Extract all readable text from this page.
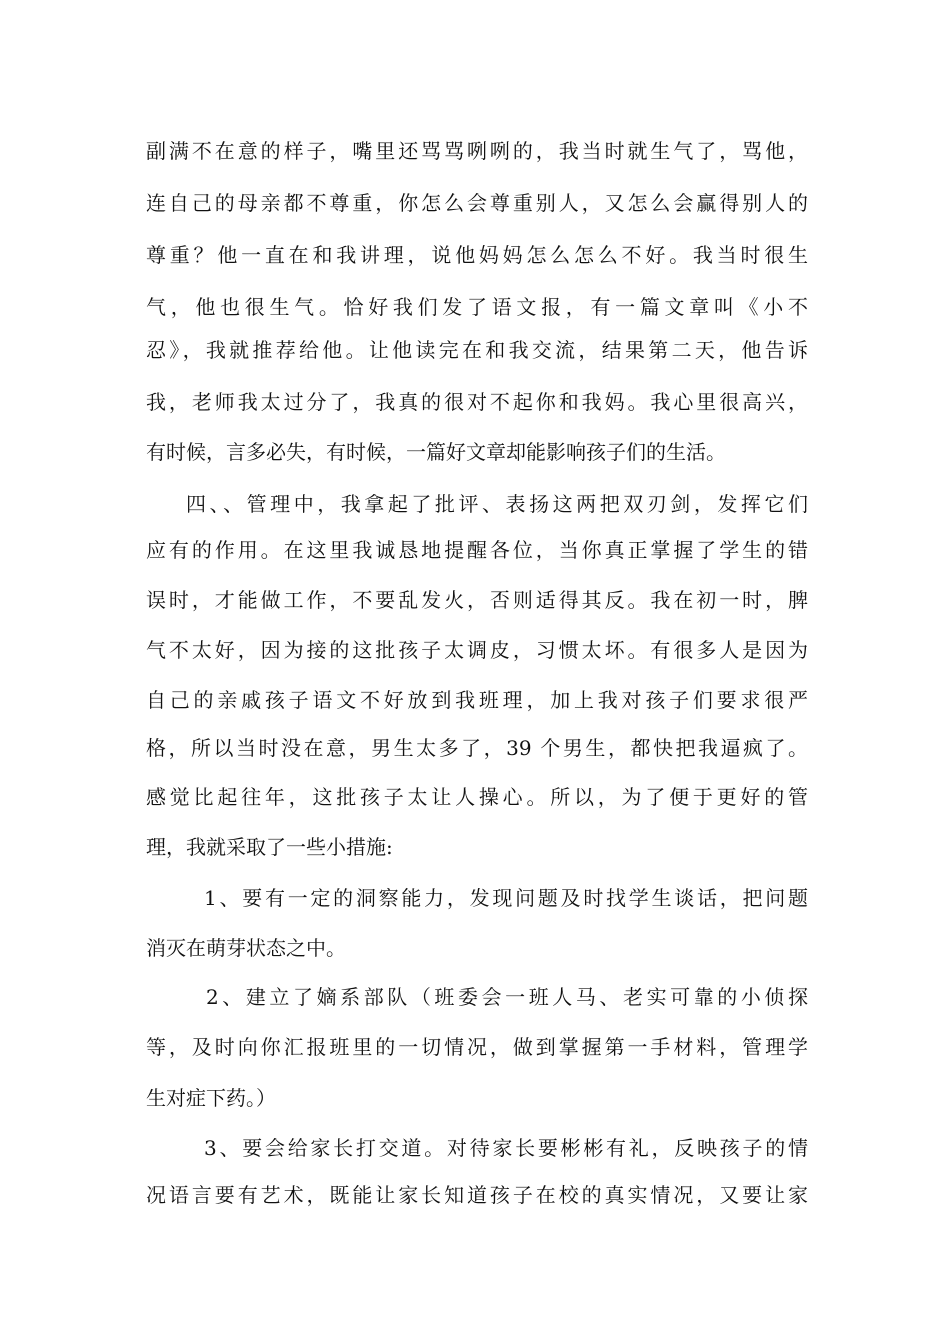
副满不在意的样子，嘴里还骂骂咧咧的，我当时就生气了，骂他，
连自己的母亲都不尊重，你怎么会尊重别人，又怎么会赢得别人的
尊重？他一直在和我讲理，说他妈妈怎么怎么不好。我当时很生
气，他也很生气。恰好我们发了语文报，有一篇文章叫《小不
忍》，我就推荐给他。让他读完在和我交流，结果第二天，他告诉
我，老师我太过分了，我真的很对不起你和我妈。我心里很高兴，
有时候，言多必失，有时候，一篇好文章却能影响孩子们的生活。
四、、管理中，我拿起了批评、表扬这两把双刃剑，发挥它们
应有的作用。在这里我诚恳地提醒各位，当你真正掌握了学生的错
误时，才能做工作，不要乱发火，否则适得其反。我在初一时，脾
气不太好，因为接的这批孩子太调皮，习惯太坏。有很多人是因为
自己的亲戚孩子语文不好放到我班理，加上我对孩子们要求很严
格，所以当时没在意，男生太多了，39 个男生，都快把我逼疯了。
感觉比起往年，这批孩子太让人操心。所以，为了便于更好的管
理，我就采取了一些小措施:
1、要有一定的洞察能力，发现问题及时找学生谈话，把问题
消灭在萌芽状态之中。
2、建立了嫡系部队（班委会一班人马、老实可靠的小侦探
等，及时向你汇报班里的一切情况，做到掌握第一手材料，管理学
生对症下药。）
3、要会给家长打交道。对待家长要彬彬有礼，反映孩子的情
况语言要有艺术，既能让家长知道孩子在校的真实情况，又要让家
